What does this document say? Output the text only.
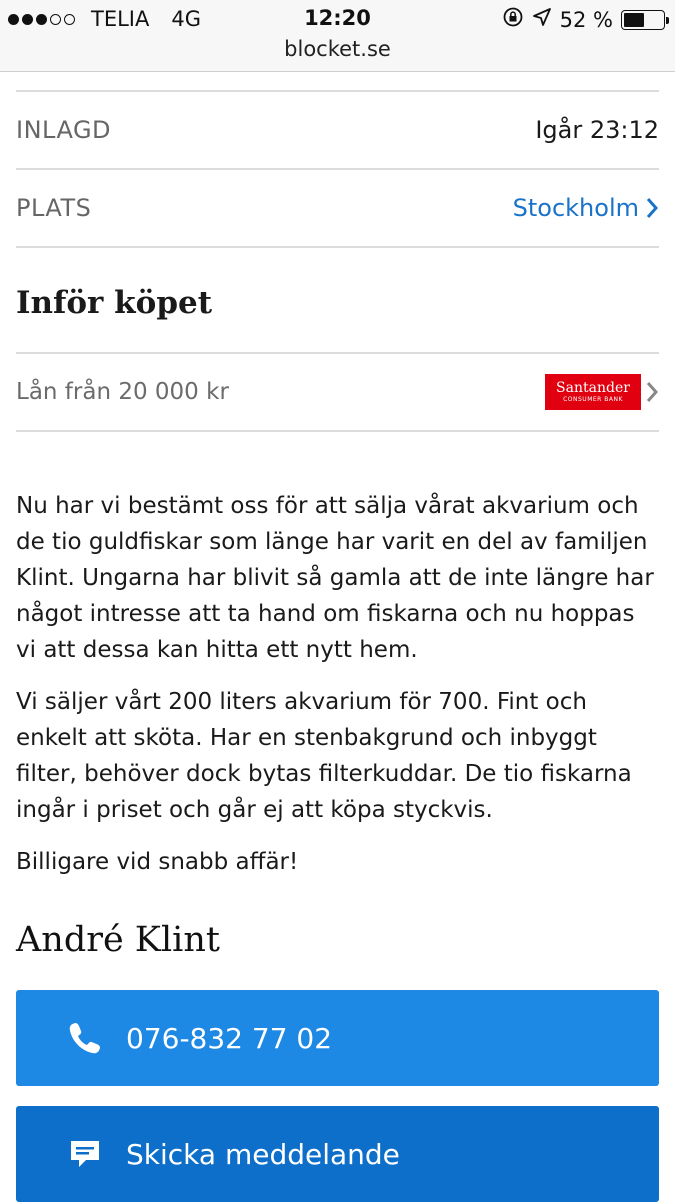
TELIA 4G	12:20	52 %
blocket.se
INLAGD	Igår 23:12
PLATS	Stockholm
Inför köpet
Lån från 20 000 kr	Santander
CONSUMER BANK

Nu har vi bestämt oss för att sälja vårat akvarium och de tio guldfiskar som länge har varit en del av familjen Klint. Ungarna har blivit så gamla att de inte längre har något intresse att ta hand om fiskarna och nu hoppas vi att dessa kan hitta ett nytt hem.

Vi säljer vårt 200 liters akvarium för 700. Fint och enkelt att sköta. Har en stenbakgrund och inbyggt filter, behöver dock bytas filterkuddar. De tio fiskarna ingår i priset och går ej att köpa styckvis.

Billigare vid snabb affär!

André Klint
076-832 77 02
Skicka meddelande
